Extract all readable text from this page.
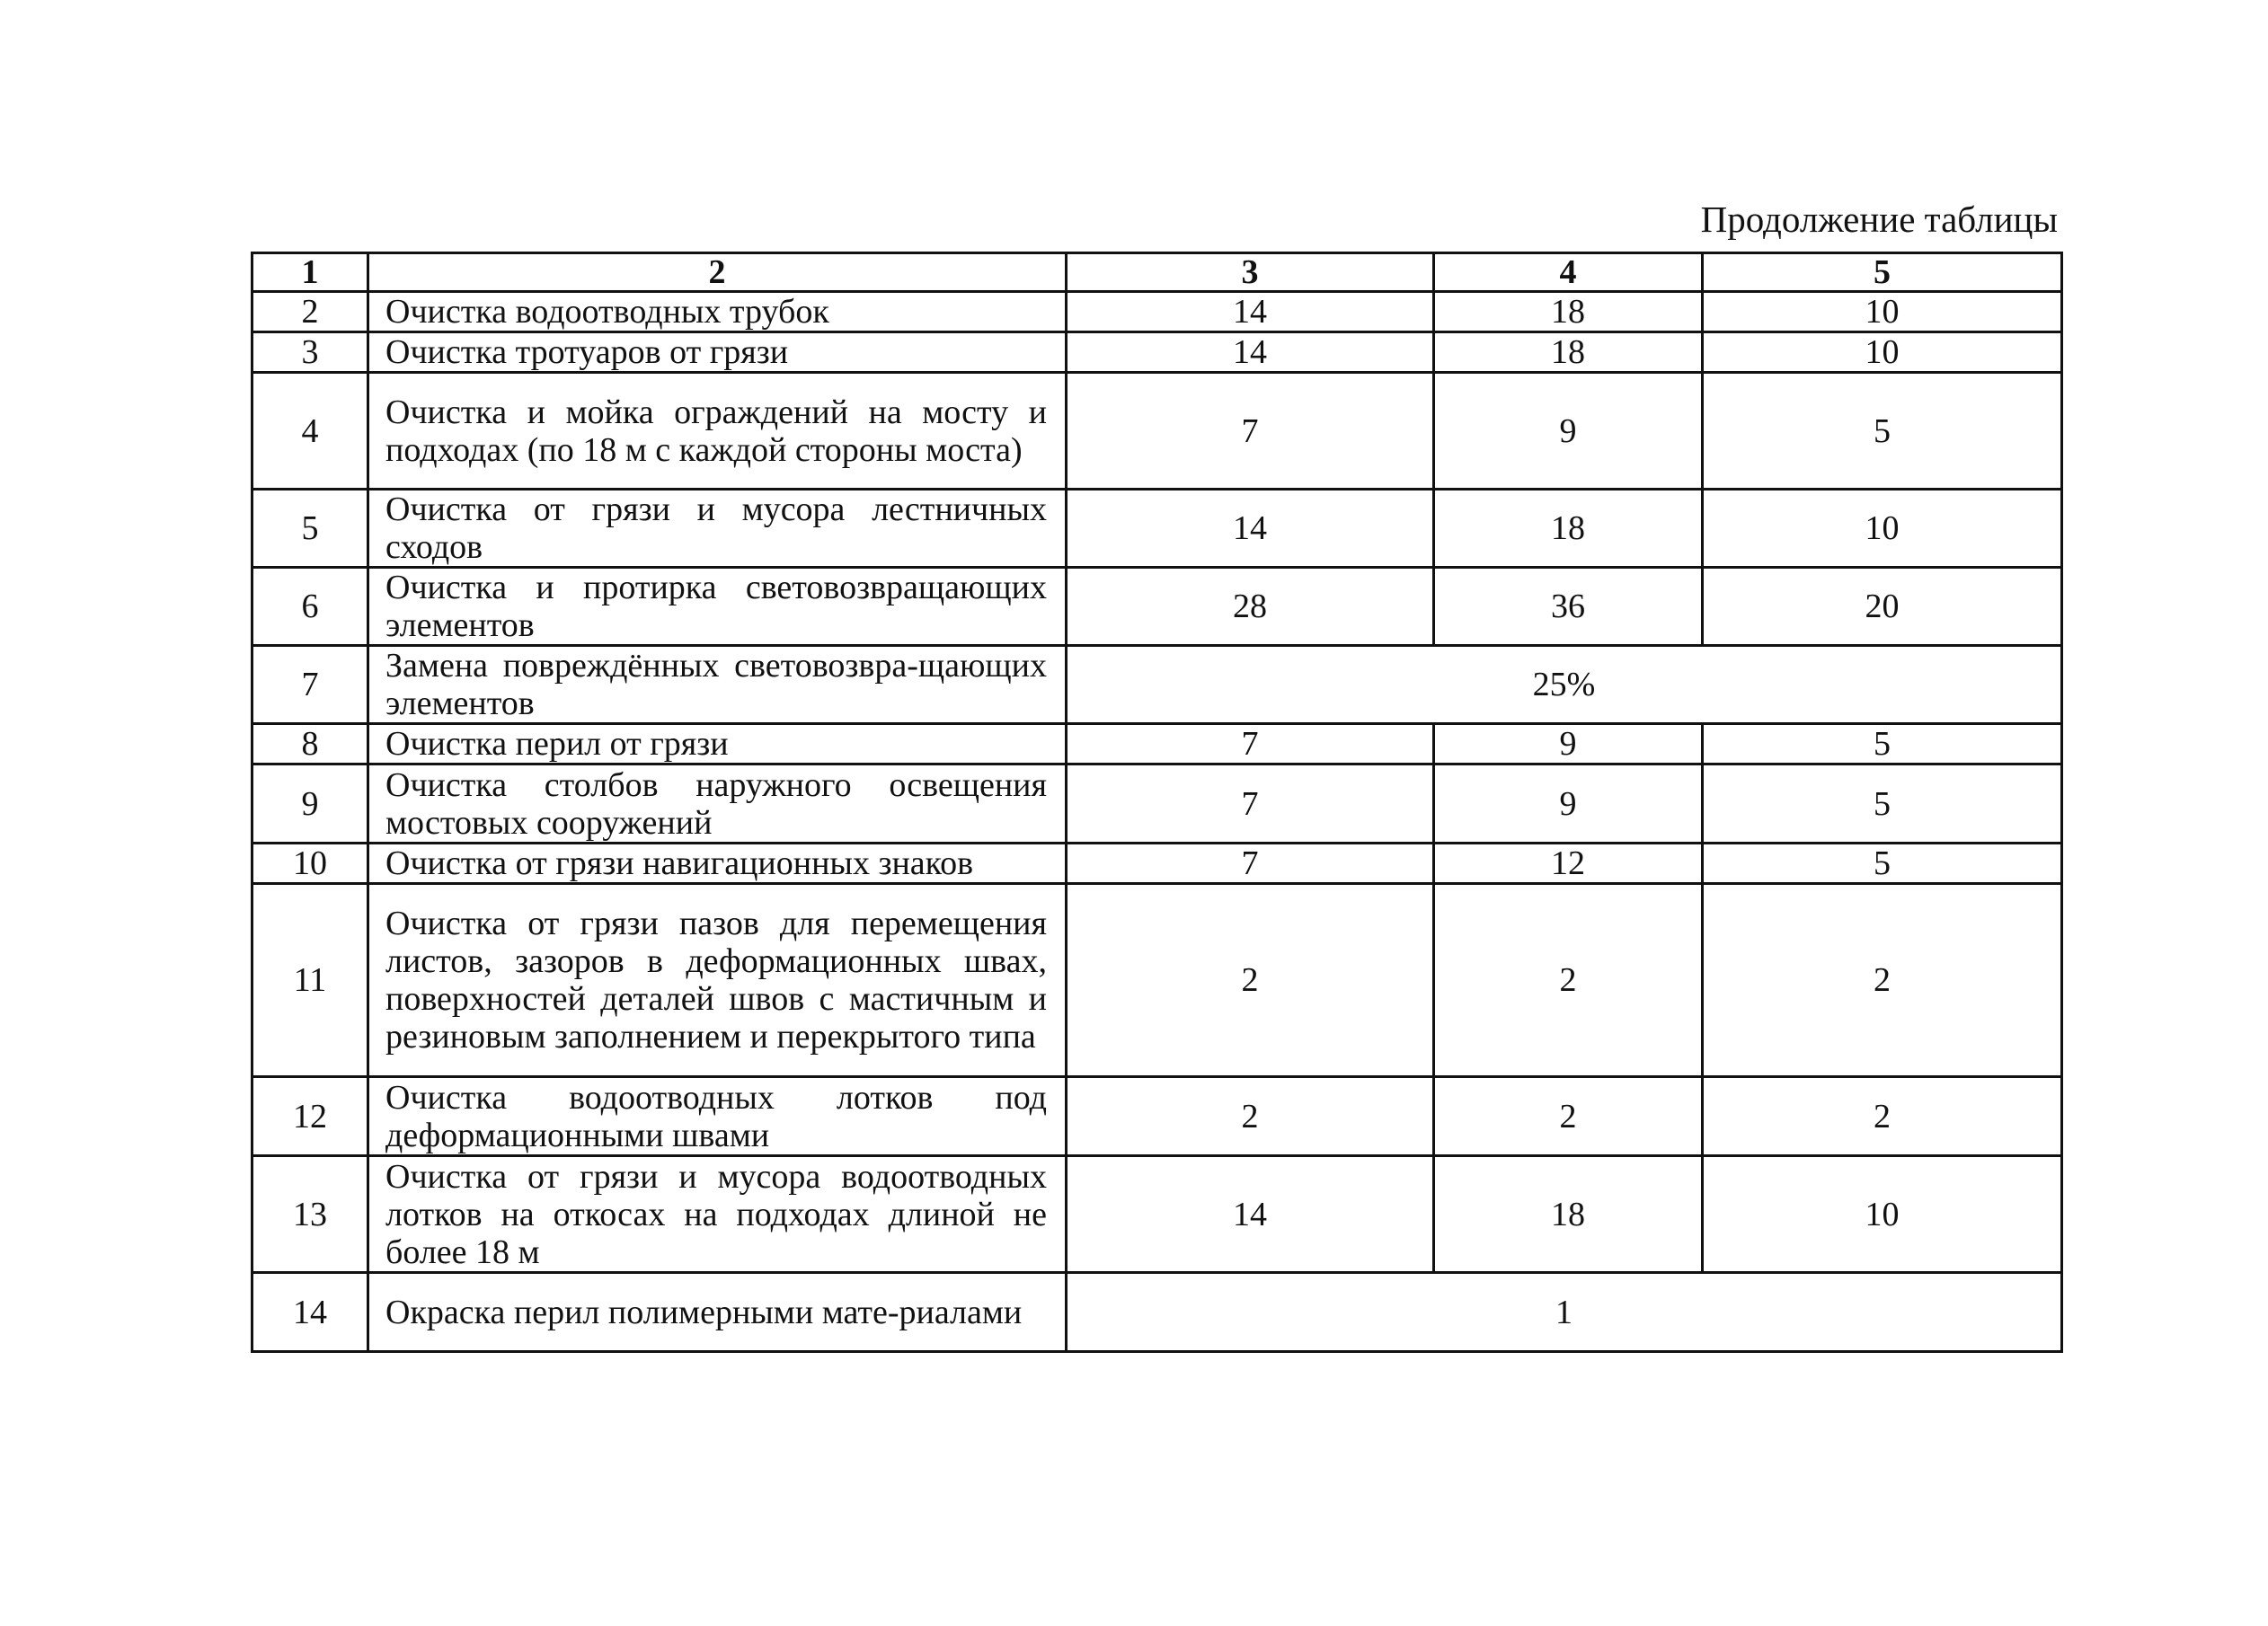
Продолжение таблицы
1	2	3	4	5
2	Очистка водоотводных трубок	14	18	10
3	Очистка тротуаров от грязи	14	18	10
4	Очистка и мойка ограждений на мосту и подходах (по 18 м с каждой стороны моста)	7	9	5
5	Очистка от грязи и мусора лестничных сходов	14	18	10
6	Очистка и протирка световозвращающих элементов	28	36	20
7	Замена повреждённых световозвра-щающих элементов	25%		
8	Очистка перил от грязи	7	9	5
9	Очистка столбов наружного освещения мостовых сооружений	7	9	5
10	Очистка от грязи навигационных знаков	7	12	5
11	Очистка от грязи пазов для перемещения листов, зазоров в деформационных швах, поверхностей деталей швов с мастичным и резиновым заполнением и перекрытого типа	2	2	2
12	Очистка водоотводных лотков под деформационными швами	2	2	2
13	Очистка от грязи и мусора водоотводных лотков на откосах на подходах длиной не более 18 м	14	18	10
14	Окраска перил полимерными мате-риалами	1		
